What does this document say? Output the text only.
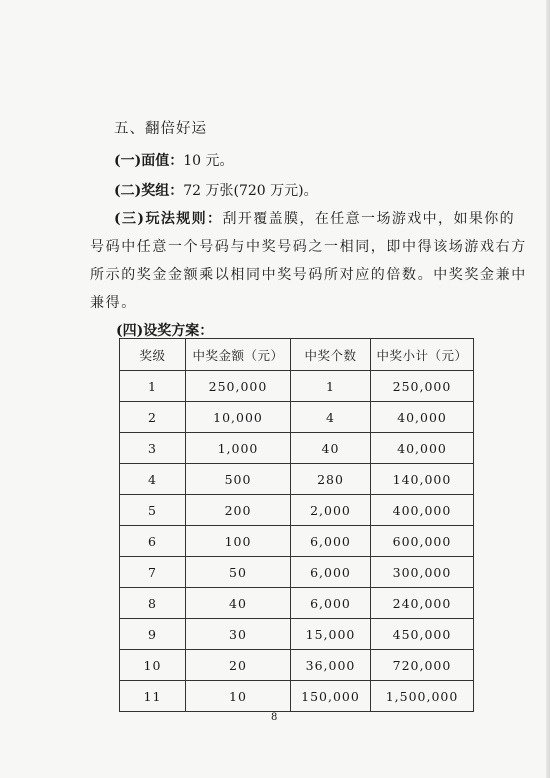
五、翻倍好运
(一)面值：10 元。
(二)奖组：72 万张(720 万元)。
(三)玩法规则：刮开覆盖膜，在任意一场游戏中，如果你的
号码中任意一个号码与中奖号码之一相同，即中得该场游戏右方
所示的奖金金额乘以相同中奖号码所对应的倍数。中奖奖金兼中
兼得。
(四)设奖方案：
奖级	中奖金额（元）	中奖个数	中奖小计（元）
1	250,000	1	250,000
2	10,000	4	40,000
3	1,000	40	40,000
4	500	280	140,000
5	200	2,000	400,000
6	100	6,000	600,000
7	50	6,000	300,000
8	40	6,000	240,000
9	30	15,000	450,000
10	20	36,000	720,000
11	10	150,000	1,500,000
8
